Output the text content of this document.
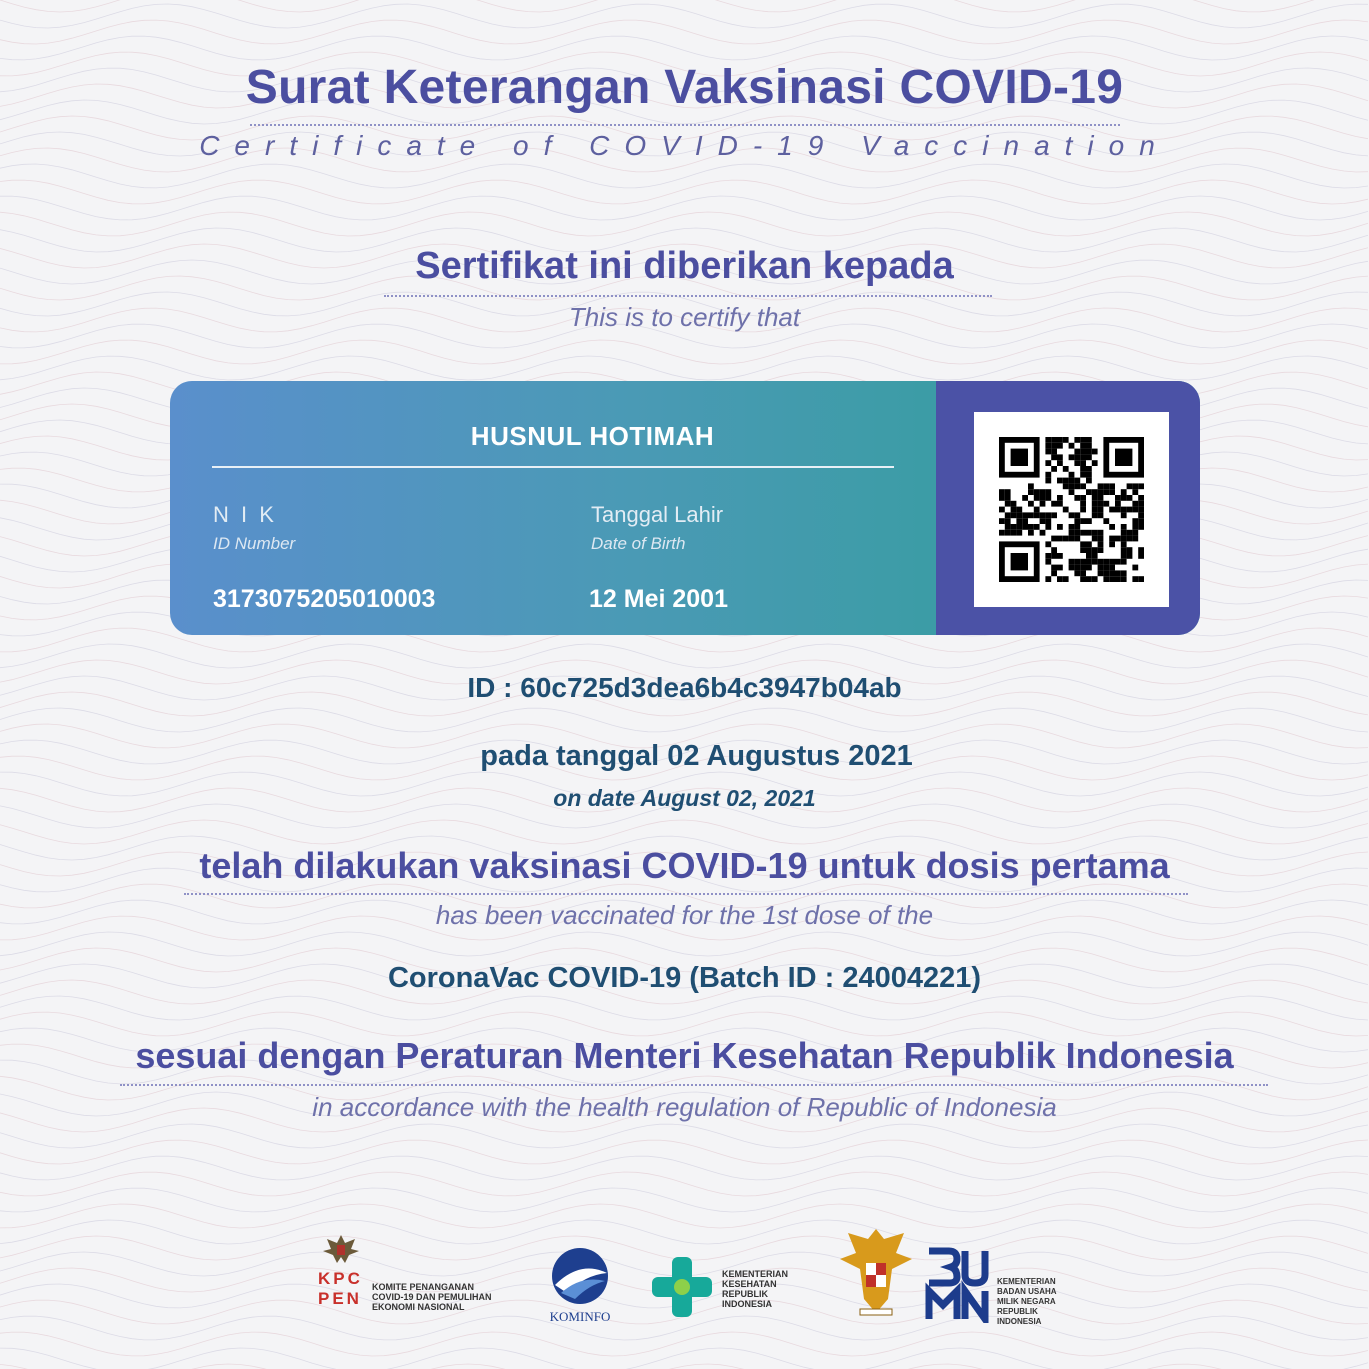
Surat Keterangan Vaksinasi COVID-19
Certificate of COVID-19 Vaccination
Sertifikat ini diberikan kepada
This is to certify that
HUSNUL HOTIMAH
N I K
ID Number
3173075205010003
Tanggal Lahir
Date of Birth
12 Mei 2001
ID : 60c725d3dea6b4c3947b04ab
pada tanggal 02 Augustus 2021
on date August 02, 2021
telah dilakukan vaksinasi COVID-19 untuk dosis pertama
has been vaccinated for the 1st dose of the
CoronaVac COVID-19 (Batch ID : 24004221)
sesuai dengan Peraturan Menteri Kesehatan Republik Indonesia
in accordance with the health regulation of Republic of Indonesia
KPC PEN
KOMITE PENANGANAN COVID-19 DAN PEMULIHAN EKONOMI NASIONAL
KOMINFO
KEMENTERIAN KESEHATAN REPUBLIK INDONESIA
KEMENTERIAN BADAN USAHA MILIK NEGARA REPUBLIK INDONESIA
